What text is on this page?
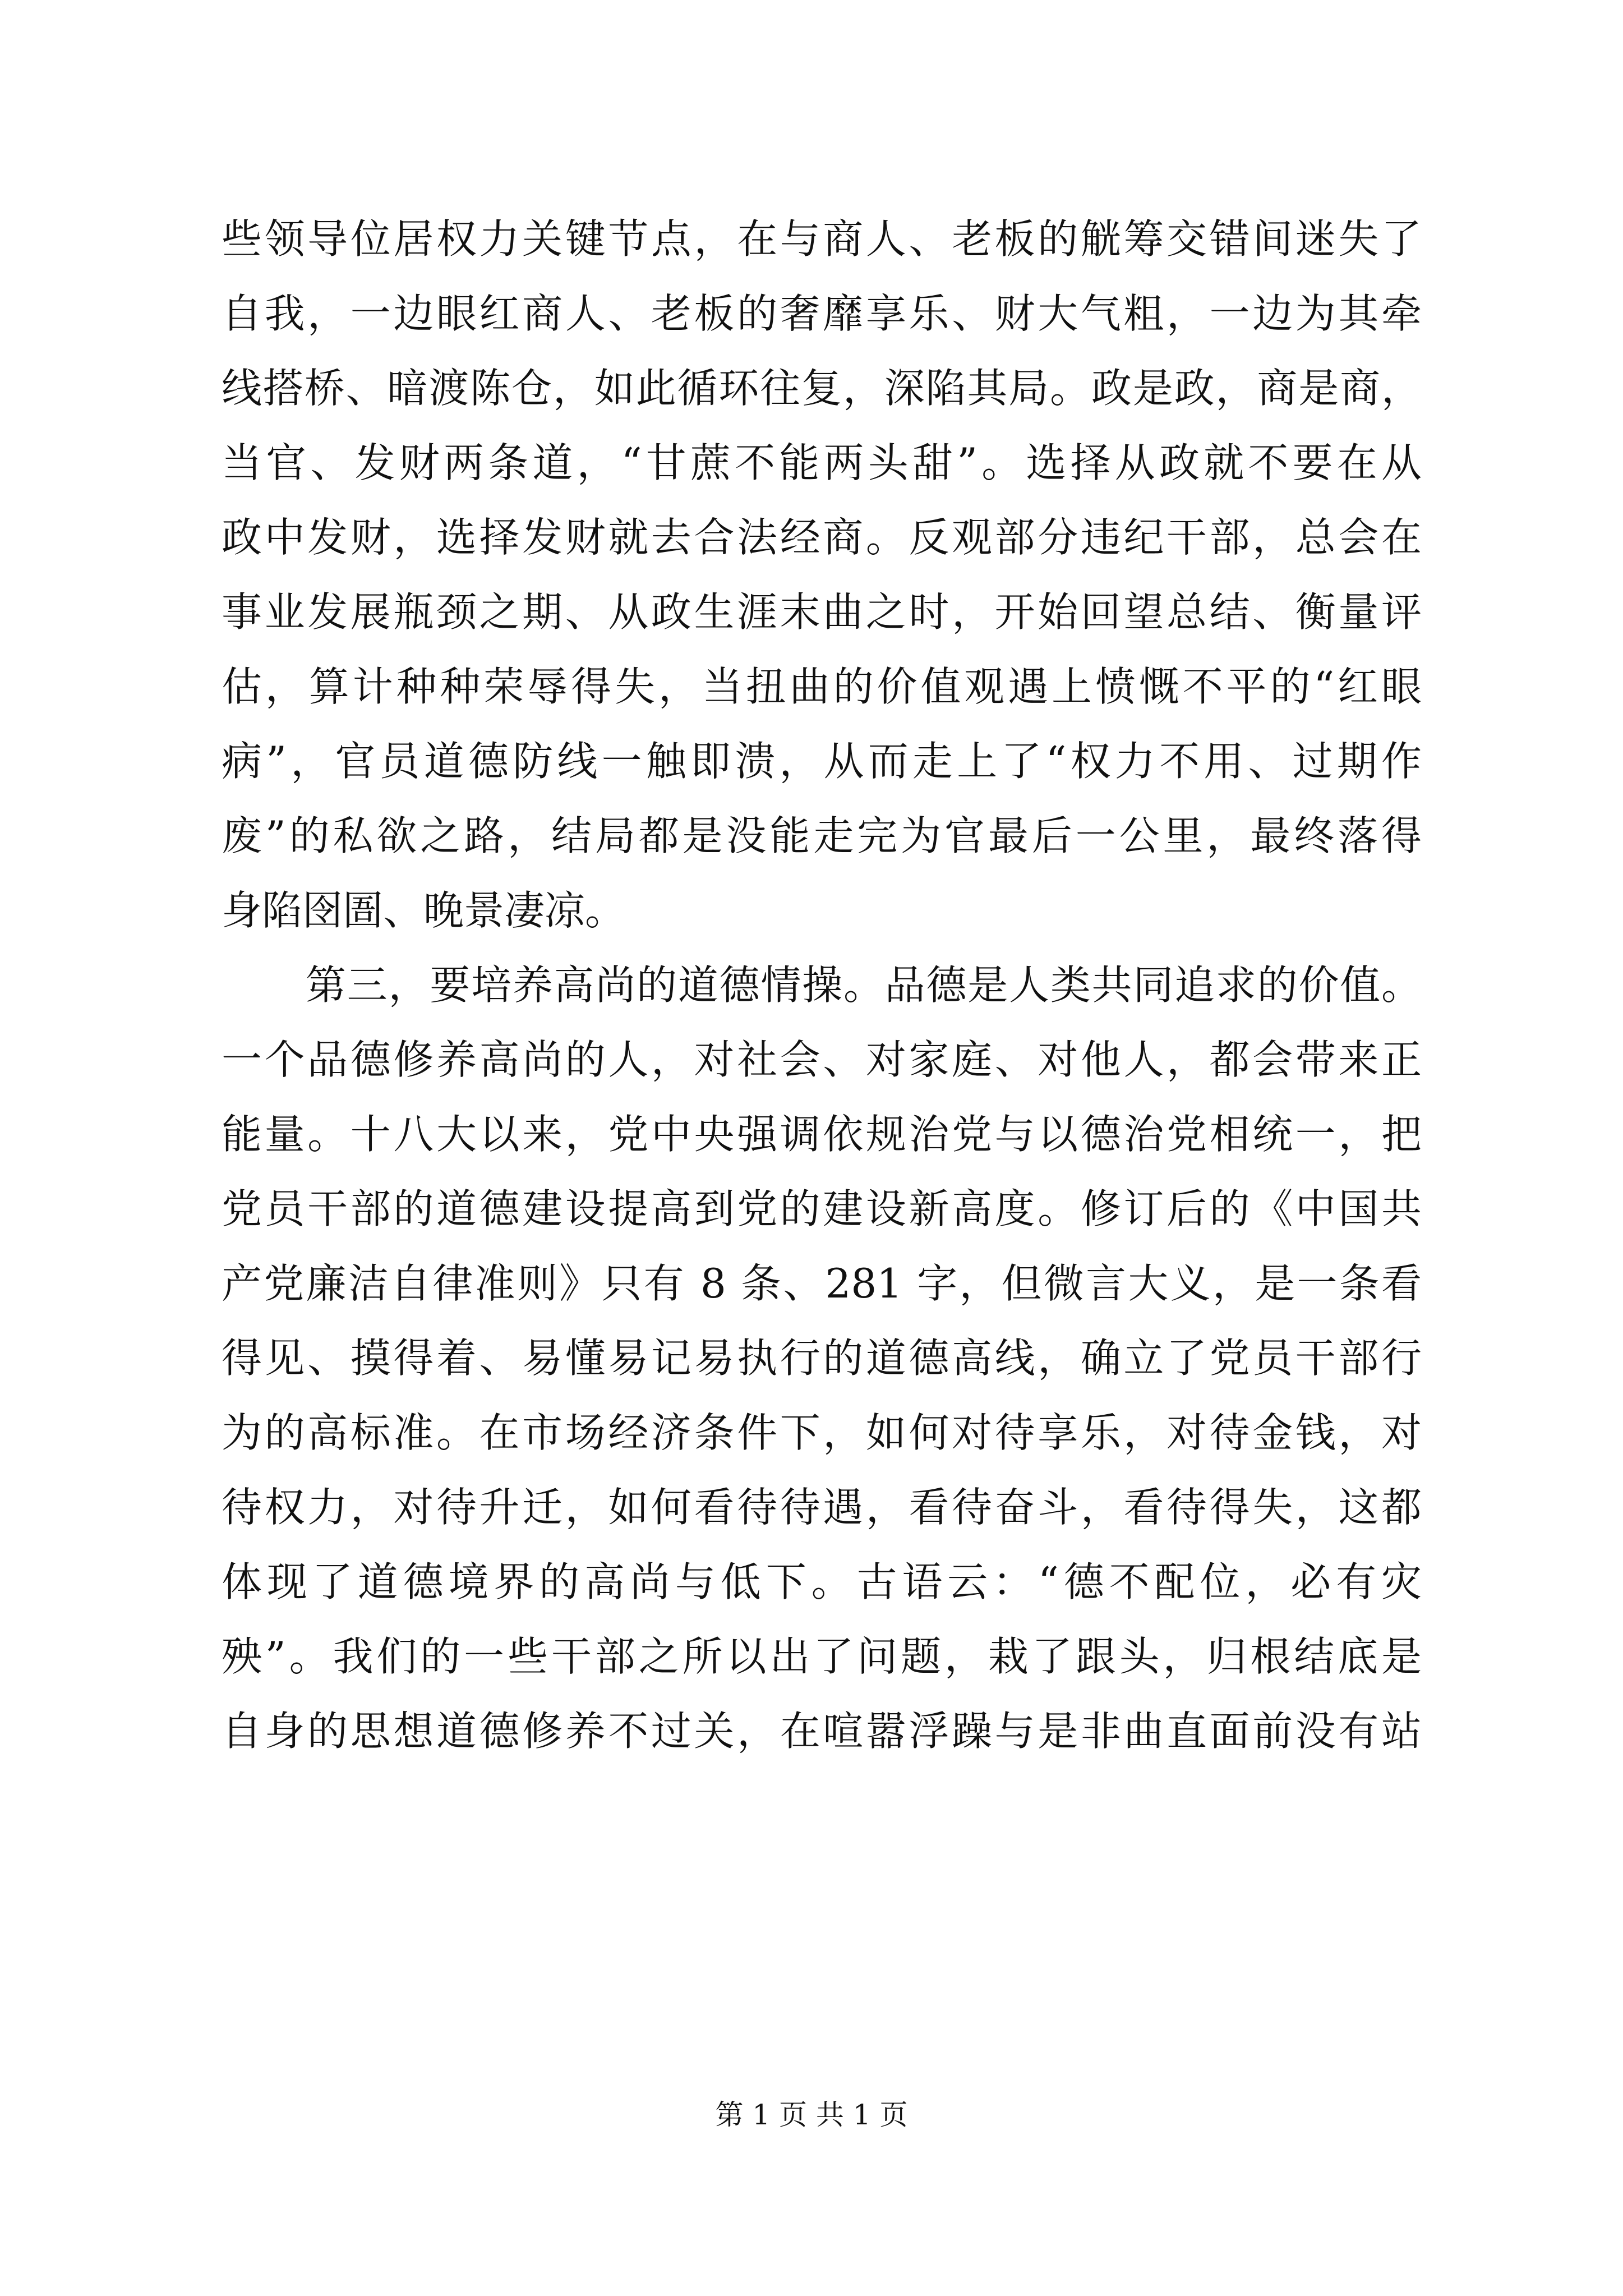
些领导位居权力关键节点，在与商人、老板的觥筹交错间迷失了
自我，一边眼红商人、老板的奢靡享乐、财大气粗，一边为其牵
线搭桥、暗渡陈仓，如此循环往复，深陷其局。政是政，商是商，
当官、发财两条道，“甘蔗不能两头甜”。选择从政就不要在从
政中发财，选择发财就去合法经商。反观部分违纪干部，总会在
事业发展瓶颈之期、从政生涯末曲之时，开始回望总结、衡量评
估，算计种种荣辱得失，当扭曲的价值观遇上愤慨不平的“红眼
病”，官员道德防线一触即溃，从而走上了“权力不用、过期作
废”的私欲之路，结局都是没能走完为官最后一公里，最终落得
身陷囹圄、晚景凄凉。
第三，要培养高尚的道德情操。品德是人类共同追求的价值。
一个品德修养高尚的人，对社会、对家庭、对他人，都会带来正
能量。十八大以来，党中央强调依规治党与以德治党相统一，把
党员干部的道德建设提高到党的建设新高度。修订后的《中国共
产党廉洁自律准则》只有 8 条、281 字，但微言大义，是一条看
得见、摸得着、易懂易记易执行的道德高线，确立了党员干部行
为的高标准。在市场经济条件下，如何对待享乐，对待金钱，对
待权力，对待升迁，如何看待待遇，看待奋斗，看待得失，这都
体现了道德境界的高尚与低下。古语云：“德不配位，必有灾
殃”。我们的一些干部之所以出了问题，栽了跟头，归根结底是
自身的思想道德修养不过关，在喧嚣浮躁与是非曲直面前没有站
第 1 页 共 1 页
